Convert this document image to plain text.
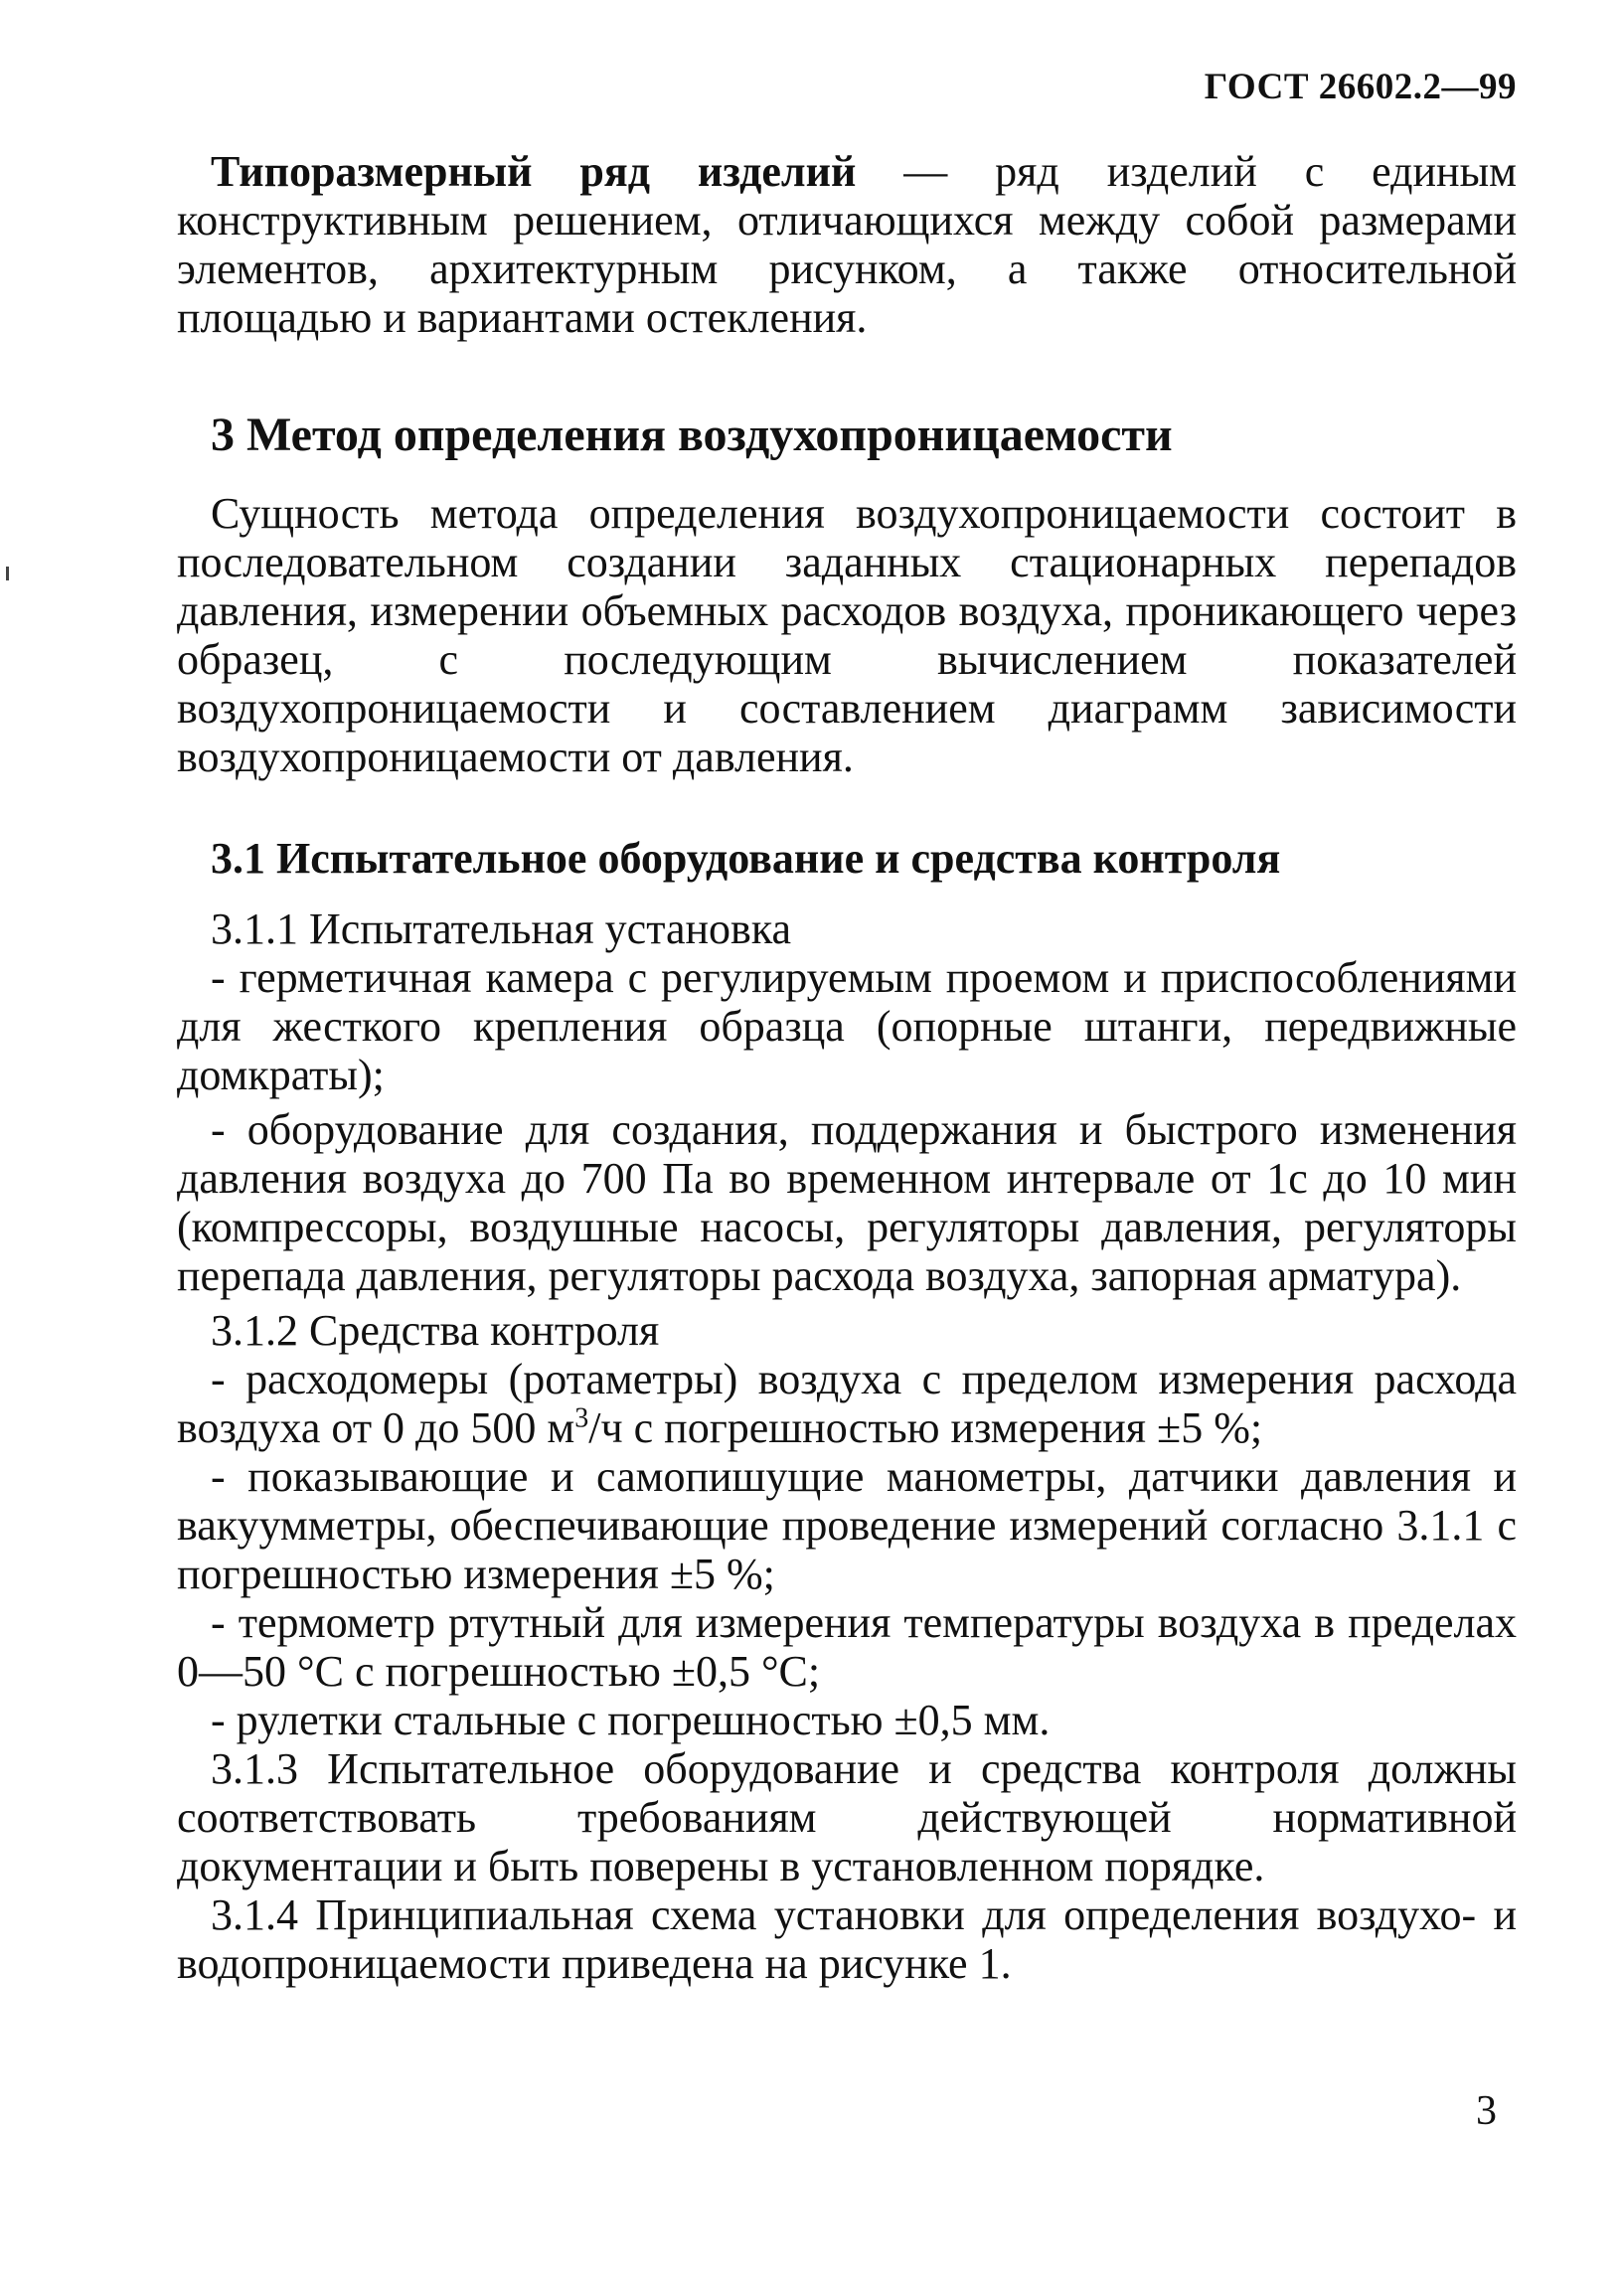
ГОСТ 26602.2—99

Типоразмерный ряд изделий — ряд изделий с единым конструктивным решением, отличающихся между собой размерами элементов, архитектурным рисунком, а также относительной площадью и вариантами остекления.

3 Метод определения воздухопроницаемости

Сущность метода определения воздухопроницаемости состоит в последовательном создании заданных стационарных перепадов давления, измерении объемных расходов воздуха, проникающего через образец, с последующим вычислением показателей воздухопроницаемости и составлением диаграмм зависимости воздухопроницаемости от давления.

3.1 Испытательное оборудование и средства контроля

3.1.1 Испытательная установка

- герметичная камера с регулируемым проемом и приспособлениями для жесткого крепления образца (опорные штанги, передвижные домкраты);

- оборудование для создания, поддержания и быстрого изменения давления воздуха до 700 Па во временном интервале от 1с до 10 мин (компрессоры, воздушные насосы, регуляторы давления, регуляторы перепада давления, регуляторы расхода воздуха, запорная арматура).

3.1.2 Средства контроля

- расходомеры (ротаметры) воздуха с пределом измерения расхода воздуха от 0 до 500 $м^3/ч$ с погрешностью измерения ±5 %;

- показывающие и самопишущие манометры, датчики давления и вакуумметры, обеспечивающие проведение измерений согласно 3.1.1 с погрешностью измерения ±5 %;

- термометр ртутный для измерения температуры воздуха в пределах 0—50 °С с погрешностью ±0,5 °С;

- рулетки стальные с погрешностью ±0,5 мм.

3.1.3 Испытательное оборудование и средства контроля должны соответствовать требованиям действующей нормативной документации и быть поверены в установленном порядке.

3.1.4 Принципиальная схема установки для определения воздухо- и водопроницаемости приведена на рисунке 1.

3
